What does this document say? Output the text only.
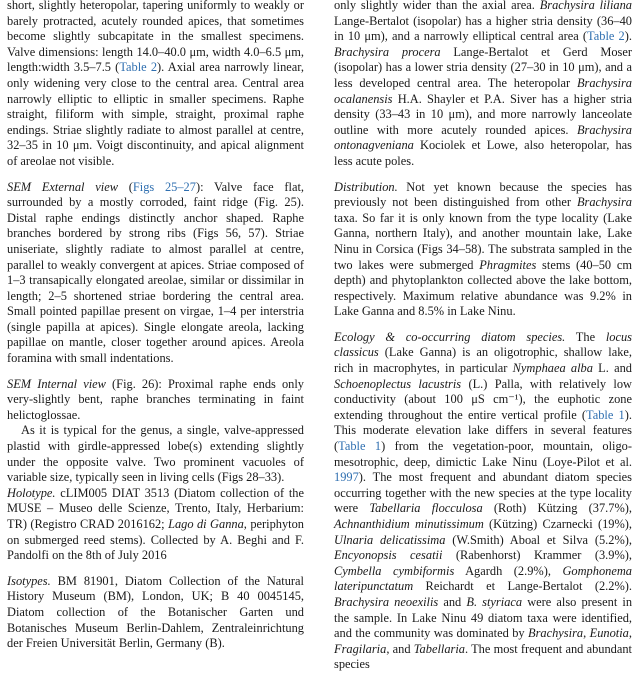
short, slightly heteropolar, tapering uniformly to weakly or barely protracted, acutely rounded apices, that sometimes become slightly subcapitate in the smallest specimens. Valve dimensions: length 14.0–40.0 μm, width 4.0–6.5 μm, length:width 3.5–7.5 (Table 2). Axial area narrowly linear, only widening very close to the central area. Central area narrowly elliptic to elliptic in smaller specimens. Raphe straight, filiform with simple, straight, proximal raphe endings. Striae slightly radiate to almost parallel at centre, 32–35 in 10 μm. Voigt discontinuity, and apical alignment of areolae not visible.

SEM External view (Figs 25–27): Valve face flat, surrounded by a mostly corroded, faint ridge (Fig. 25). Distal raphe endings distinctly anchor shaped. Raphe branches bordered by strong ribs (Figs 56, 57). Striae uniseriate, slightly radiate to almost parallel at centre, parallel to weakly convergent at apices. Striae composed of 1–3 transapically elongated areolae, similar or dissimilar in length; 2–5 shortened striae bordering the central area. Small pointed papillae present on virgae, 1–4 per interstria (single papilla at apices). Single elongate areola, lacking papillae on mantle, closer together around apices. Areola foramina with small indentations.

SEM Internal view (Fig. 26): Proximal raphe ends only very-slightly bent, raphe branches terminating in faint helictoglossae.

As it is typical for the genus, a single, valve-appressed plastid with girdle-appressed lobe(s) extending slightly under the opposite valve. Two prominent vacuoles of variable size, typically seen in living cells (Figs 28–33).

Holotype. cLIM005 DIAT 3513 (Diatom collection of the MUSE – Museo delle Scienze, Trento, Italy, Herbarium: TR) (Registro CRAD 2016162; Lago di Ganna, periphyton on submerged reed stems). Collected by A. Beghi and F. Pandolfi on the 8th of July 2016

Isotypes. BM 81901, Diatom Collection of the Natural History Museum (BM), London, UK; B 40 0045145, Diatom collection of the Botanischer Garten und Botanisches Museum Berlin-Dahlem, Zentraleinrichtung der Freien Universität Berlin, Germany (B).

only slightly wider than the axial area. Brachysira liliana Lange-Bertalot (isopolar) has a higher stria density (36–40 in 10 μm), and a narrowly elliptical central area (Table 2). Brachysira procera Lange-Bertalot et Gerd Moser (isopolar) has a lower stria density (27–30 in 10 μm), and a less developed central area. The heteropolar Brachysira ocalanensis H.A. Shayler et P.A. Siver has a higher stria density (33–43 in 10 μm), and more narrowly lanceolate outline with more acutely rounded apices. Brachysira ontonagveniana Kociolek et Lowe, also heteropolar, has less acute poles.

Distribution. Not yet known because the species has previously not been distinguished from other Brachysira taxa. So far it is only known from the type locality (Lake Ganna, northern Italy), and another mountain lake, Lake Ninu in Corsica (Figs 34–58). The substrata sampled in the two lakes were submerged Phragmites stems (40–50 cm depth) and phytoplankton collected above the lake bottom, respectively. Maximum relative abundance was 9.2% in Lake Ganna and 8.5% in Lake Ninu.

Ecology & co-occurring diatom species. The locus classicus (Lake Ganna) is an oligotrophic, shallow lake, rich in macrophytes, in particular Nymphaea alba L. and Schoenoplectus lacustris (L.) Palla, with relatively low conductivity (about 100 μS cm⁻¹), the euphotic zone extending throughout the entire vertical profile (Table 1). This moderate elevation lake differs in several features (Table 1) from the vegetation-poor, mountain, oligo-mesotrophic, deep, dimictic Lake Ninu (Loye-Pilot et al. 1997). The most frequent and abundant diatom species occurring together with the new species at the type locality were Tabellaria flocculosa (Roth) Kützing (37.7%), Achnanthidium minutissimum (Kützing) Czarnecki (19%), Ulnaria delicatissima (W.Smith) Aboal et Silva (5.2%), Encyonopsis cesatii (Rabenhorst) Krammer (3.9%), Cymbella cymbiformis Agardh (2.9%), Gomphonema lateripunctatum Reichardt et Lange-Bertalot (2.2%). Brachysira neoexilis and B. styriaca were also present in the sample. In Lake Ninu 49 diatom taxa were identified, and the community was dominated by Brachysira, Eunotia, Fragilaria, and Tabellaria. The most frequent and abundant species
